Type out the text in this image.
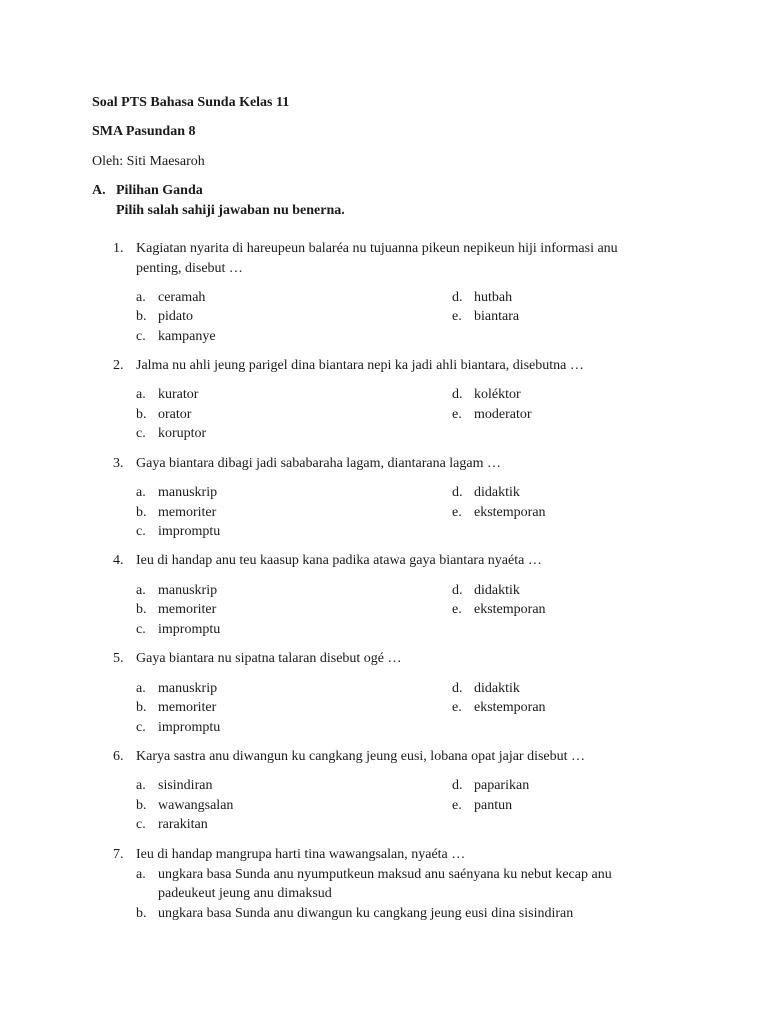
Soal PTS Bahasa Sunda Kelas 11
SMA Pasundan 8
Oleh: Siti Maesaroh
A. Pilihan Ganda
Pilih salah sahiji jawaban nu benerna.
1. Kagiatan nyarita di hareupeun balaréa nu tujuanna pikeun nepikeun hiji informasi anu
penting, disebut …
a. ceramah
b. pidato
c. kampanye
d. hutbah
e. biantara
2. Jalma nu ahli jeung parigel dina biantara nepi ka jadi ahli biantara, disebutna …
a. kurator
b. orator
c. koruptor
d. koléktor
e. moderator
3. Gaya biantara dibagi jadi sababaraha lagam, diantarana lagam …
a. manuskrip
b. memoriter
c. impromptu
d. didaktik
e. ekstemporan
4. Ieu di handap anu teu kaasup kana padika atawa gaya biantara nyaéta …
a. manuskrip
b. memoriter
c. impromptu
d. didaktik
e. ekstemporan
5. Gaya biantara nu sipatna talaran disebut ogé …
a. manuskrip
b. memoriter
c. impromptu
d. didaktik
e. ekstemporan
6. Karya sastra anu diwangun ku cangkang jeung eusi, lobana opat jajar disebut …
a. sisindiran
b. wawangsalan
c. rarakitan
d. paparikan
e. pantun
7. Ieu di handap mangrupa harti tina wawangsalan, nyaéta …
a. ungkara basa Sunda anu nyumputkeun maksud anu saényana ku nebut kecap anu
padeukeut jeung anu dimaksud
b. ungkara basa Sunda anu diwangun ku cangkang jeung eusi dina sisindiran
